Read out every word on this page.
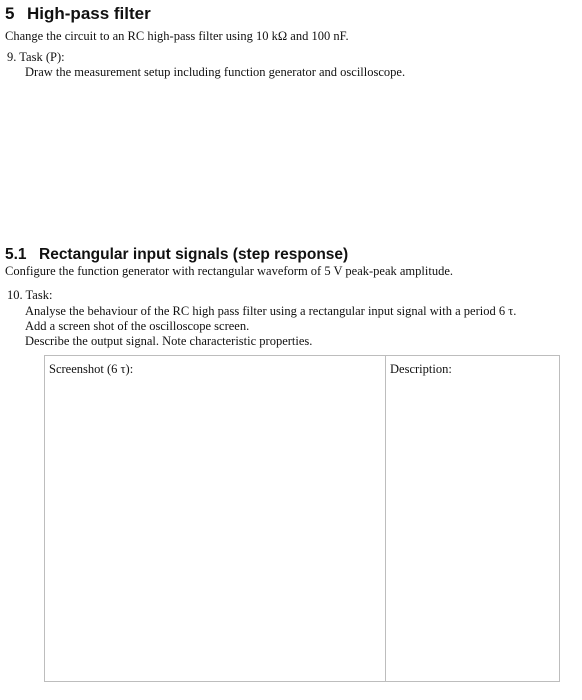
5 High-pass filter
Change the circuit to an RC high-pass filter using 10 kΩ and 100 nF.
9. Task (P):
Draw the measurement setup including function generator and oscilloscope.
5.1 Rectangular input signals (step response)
Configure the function generator with rectangular waveform of 5 V peak-peak amplitude.
10. Task:
Analyse the behaviour of the RC high pass filter using a rectangular input signal with a period 6 τ.
Add a screen shot of the oscilloscope screen.
Describe the output signal. Note characteristic properties.
Screenshot (6 τ):	Description:
